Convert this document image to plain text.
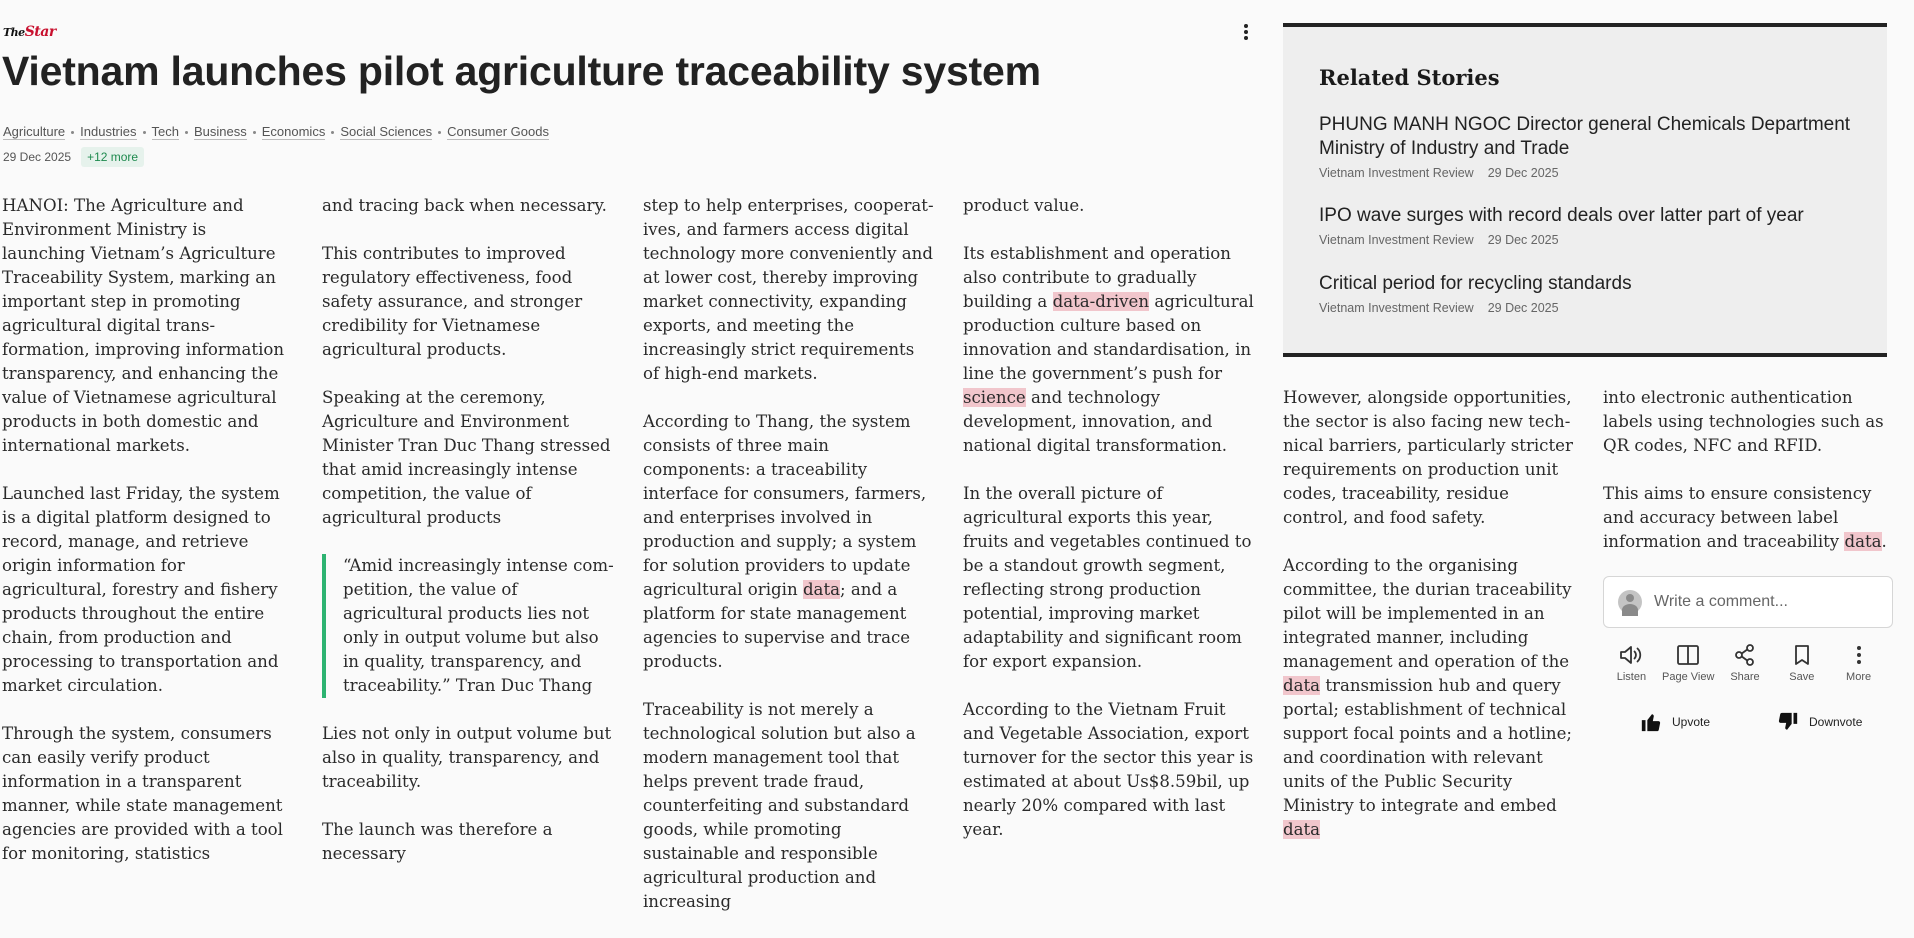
TheStar
Vietnam launches pilot agriculture traceability system
Agriculture Industries Tech Business Economics Social Sciences Consumer Goods
29 Dec 2025	+12 more

HANOI: The Agriculture and Environment Ministry is launching Vietnam’s Agriculture Traceability System, marking an important step in promoting agricultural digital transformation, improving information transparency, and enhancing the value of Vietnamese agricultural products in both domestic and international markets.

Launched last Friday, the system is a digital platform designed to record, manage, and retrieve origin information for agricultural, forestry and fishery products throughout the entire chain, from production and processing to transportation and market circulation.

Through the system, consumers can easily verify product information in a transparent manner, while state management agencies are provided with a tool for monitoring, statistics

and tracing back when necessary.

This contributes to improved regulatory effectiveness, food safety assurance, and stronger credibility for Vietnamese agricultural products.

Speaking at the ceremony, Agriculture and Environment Minister Tran Duc Thang stressed that amid increasingly intense competition, the value of agricultural products

“Amid increasingly intense competition, the value of agricultural products lies not only in output volume but also in quality, transparency, and traceability.” Tran Duc Thang

Lies not only in output volume but also in quality, transparency, and traceability.

The launch was therefore a necessary

step to help enterprises, cooperatives, and farmers access digital technology more conveniently and at lower cost, thereby improving market connectivity, expanding exports, and meeting the increasingly strict requirements of high-end markets.

According to Thang, the system consists of three main components: a traceability interface for consumers, farmers, and enterprises involved in production and supply; a system for solution providers to update agricultural origin data; and a platform for state management agencies to supervise and trace products.

Traceability is not merely a technological solution but also a modern management tool that helps prevent trade fraud, counterfeiting and substandard goods, while promoting sustainable and responsible agricultural production and increasing

product value.

Its establishment and operation also contribute to gradually building a data-driven agricultural production culture based on innovation and standardisation, in line the government’s push for science and technology development, innovation, and national digital transformation.

In the overall picture of agricultural exports this year, fruits and vegetables continued to be a standout growth segment, reflecting strong production potential, improving market adaptability and significant room for export expansion.

According to the Vietnam Fruit and Vegetable Association, export turnover for the sector this year is estimated at about Us$8.59bil, up nearly 20% compared with last year.

However, alongside opportunities, the sector is also facing new technical barriers, particularly stricter requirements on production unit codes, traceability, residue control, and food safety.

According to the organising committee, the durian traceability pilot will be implemented in an integrated manner, including management and operation of the data transmission hub and query portal; establishment of technical support focal points and a hotline; and coordination with relevant units of the Public Security Ministry to integrate and embed data

into electronic authentication labels using technologies such as QR codes, NFC and RFID.

This aims to ensure consistency and accuracy between label information and traceability data.

Related Stories
PHUNG MANH NGOC Director general Chemicals Department Ministry of Industry and Trade
Vietnam Investment Review 29 Dec 2025
IPO wave surges with record deals over latter part of year
Vietnam Investment Review 29 Dec 2025
Critical period for recycling standards
Vietnam Investment Review 29 Dec 2025
Write a comment...
Listen	Page View	Share	Save	More
Upvote	Downvote
